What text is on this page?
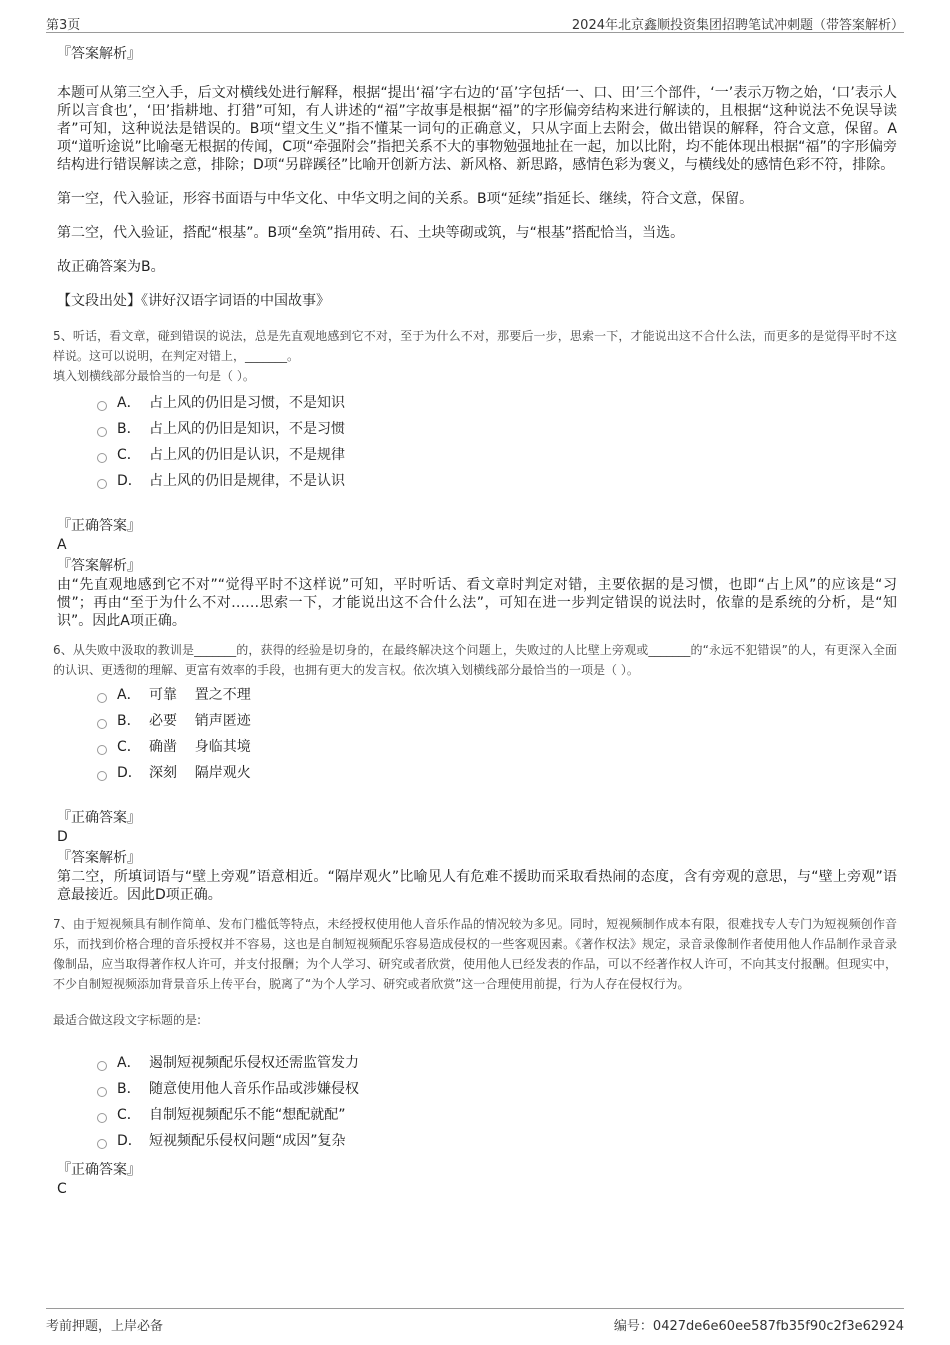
第3页	2024年北京鑫顺投资集团招聘笔试冲刺题（带答案解析）
『答案解析』

本题可从第三空入手，后文对横线处进行解释，根据“提出‘福’字右边的‘畐’字包括‘一、口、田’三个部件，‘一’表示万物之始，‘口’表示人所以言食也’，‘田’指耕地、打猎”可知，有人讲述的“福”字故事是根据“福”的字形偏旁结构来进行解读的，且根据“这种说法不免误导读者”可知，这种说法是错误的。B项“望文生义”指不懂某一词句的正确意义，只从字面上去附会，做出错误的解释，符合文意，保留。A项“道听途说”比喻毫无根据的传闻，C项“牵强附会”指把关系不大的事物勉强地扯在一起，加以比附，均不能体现出根据“福”的字形偏旁结构进行错误解读之意，排除；D项“另辟蹊径”比喻开创新方法、新风格、新思路，感情色彩为褒义，与横线处的感情色彩不符，排除。

第一空，代入验证，形容书面语与中华文化、中华文明之间的关系。B项“延续”指延长、继续，符合文意，保留。

第二空，代入验证，搭配“根基”。B项“垒筑”指用砖、石、土块等砌或筑，与“根基”搭配恰当，当选。

故正确答案为B。

【文段出处】《讲好汉语字词语的中国故事》

5、听话，看文章，碰到错误的说法，总是先直观地感到它不对，至于为什么不对，那要后一步，思索一下，才能说出这不合什么法，而更多的是觉得平时不这样说。这可以说明，在判定对错上，_______。
填入划横线部分最恰当的一句是（ ）。
A． 占上风的仍旧是习惯，不是知识
B． 占上风的仍旧是知识，不是习惯
C． 占上风的仍旧是认识，不是规律
D． 占上风的仍旧是规律，不是认识
『正确答案』
A
『答案解析』

由“先直观地感到它不对”“觉得平时不这样说”可知，平时听话、看文章时判定对错，主要依据的是习惯，也即“占上风”的应该是“习惯”；再由“至于为什么不对……思索一下，才能说出这不合什么法”，可知在进一步判定错误的说法时，依靠的是系统的分析，是“知识”。因此A项正确。

6、从失败中汲取的教训是_______的，获得的经验是切身的，在最终解决这个问题上，失败过的人比壁上旁观或_______的“永远不犯错误”的人，有更深入全面的认识、更透彻的理解、更富有效率的手段，也拥有更大的发言权。依次填入划横线部分最恰当的一项是（ ）。
A． 可靠    置之不理
B． 必要    销声匿迹
C． 确凿    身临其境
D． 深刻    隔岸观火
『正确答案』
D
『答案解析』

第二空，所填词语与“壁上旁观”语意相近。“隔岸观火”比喻见人有危难不援助而采取看热闹的态度，含有旁观的意思，与“壁上旁观”语意最接近。因此D项正确。

7、由于短视频具有制作简单、发布门槛低等特点，未经授权使用他人音乐作品的情况较为多见。同时，短视频制作成本有限，很难找专人专门为短视频创作音乐，而找到价格合理的音乐授权并不容易，这也是自制短视频配乐容易造成侵权的一些客观因素。《著作权法》规定，录音录像制作者使用他人作品制作录音录像制品，应当取得著作权人许可，并支付报酬；为个人学习、研究或者欣赏，使用他人已经发表的作品，可以不经著作权人许可，不向其支付报酬。但现实中，不少自制短视频添加背景音乐上传平台，脱离了“为个人学习、研究或者欣赏”这一合理使用前提，行为人存在侵权行为。
最适合做这段文字标题的是:
A． 遏制短视频配乐侵权还需监管发力
B． 随意使用他人音乐作品或涉嫌侵权
C． 自制短视频配乐不能“想配就配”
D． 短视频配乐侵权问题“成因”复杂
『正确答案』
C
考前押题，上岸必备	编号：0427de6e60ee587fb35f90c2f3e62924
